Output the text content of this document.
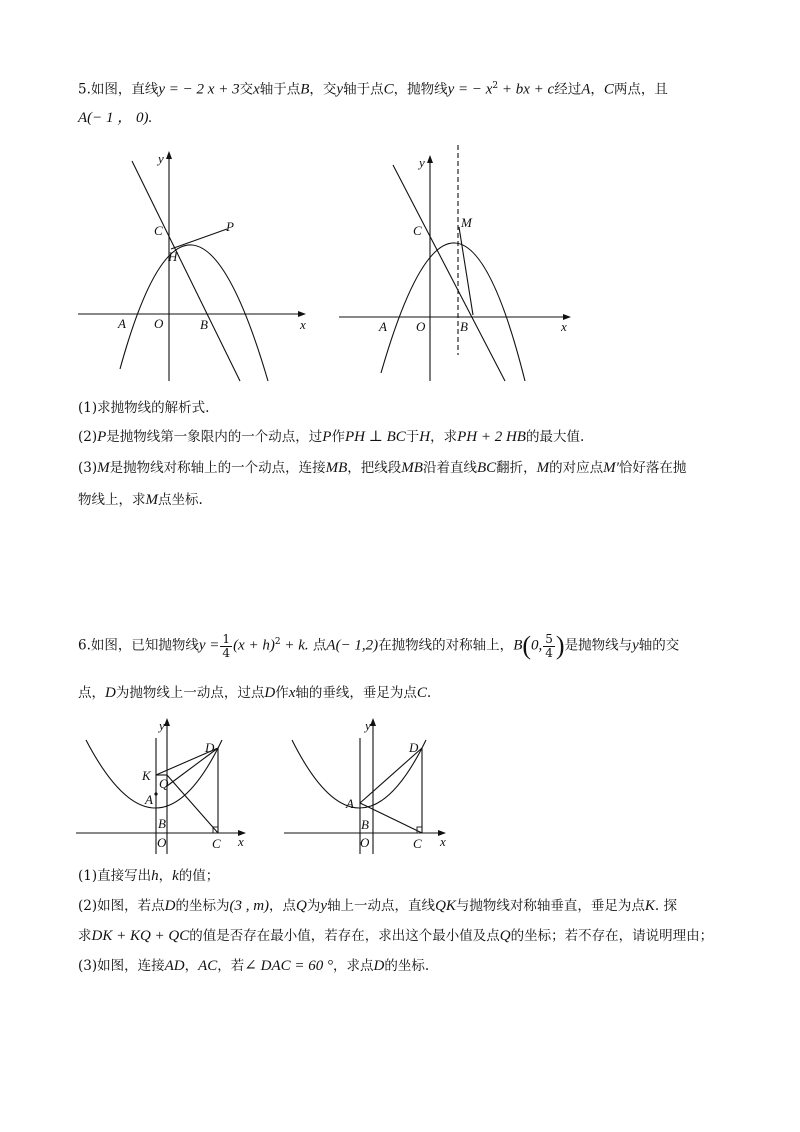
5.如图，直线y = − 2 x + 3交x轴于点B，交y轴于点C，抛物线y = − $x^2$ + bx + c经过A，C两点，且
A(− 1 ， 0).
y
x
C	P
H
A O	B
y
x
C
M
A O	B
(1)求抛物线的解析式.
(2)P是抛物线第一象限内的一个动点，过P作PH ⊥ BC于H，求PH + 2 HB的最大值.
(3)M是抛物线对称轴上的一个动点，连接MB，把线段MB沿着直线BC翻折，M的对应点M′恰好落在抛
物线上，求M点坐标.
6.如图，已知抛物线$y = \frac{1}{4} (x + h)^2 + k$. 点A(− 1,2)在抛物线的对称轴上，B(0, $\frac{5}{4}$ )是抛物线与y轴的交
点，D为抛物线上一动点，过点D作x轴的垂线，垂足为点C.
y
D
K
Q
A
B
O	C x
y
D
A
B
O	C x
(1)直接写出h，k的值；
(2)如图，若点D的坐标为(3 , m)，点Q为y轴上一动点，直线QK与抛物线对称轴垂直，垂足为点K. 探
求DK + KQ + QC的值是否存在最小值，若存在，求出这个最小值及点Q的坐标；若不存在，请说明理由；
(3)如图，连接AD，AC，若∠ DAC = 60 °，求点D的坐标.
